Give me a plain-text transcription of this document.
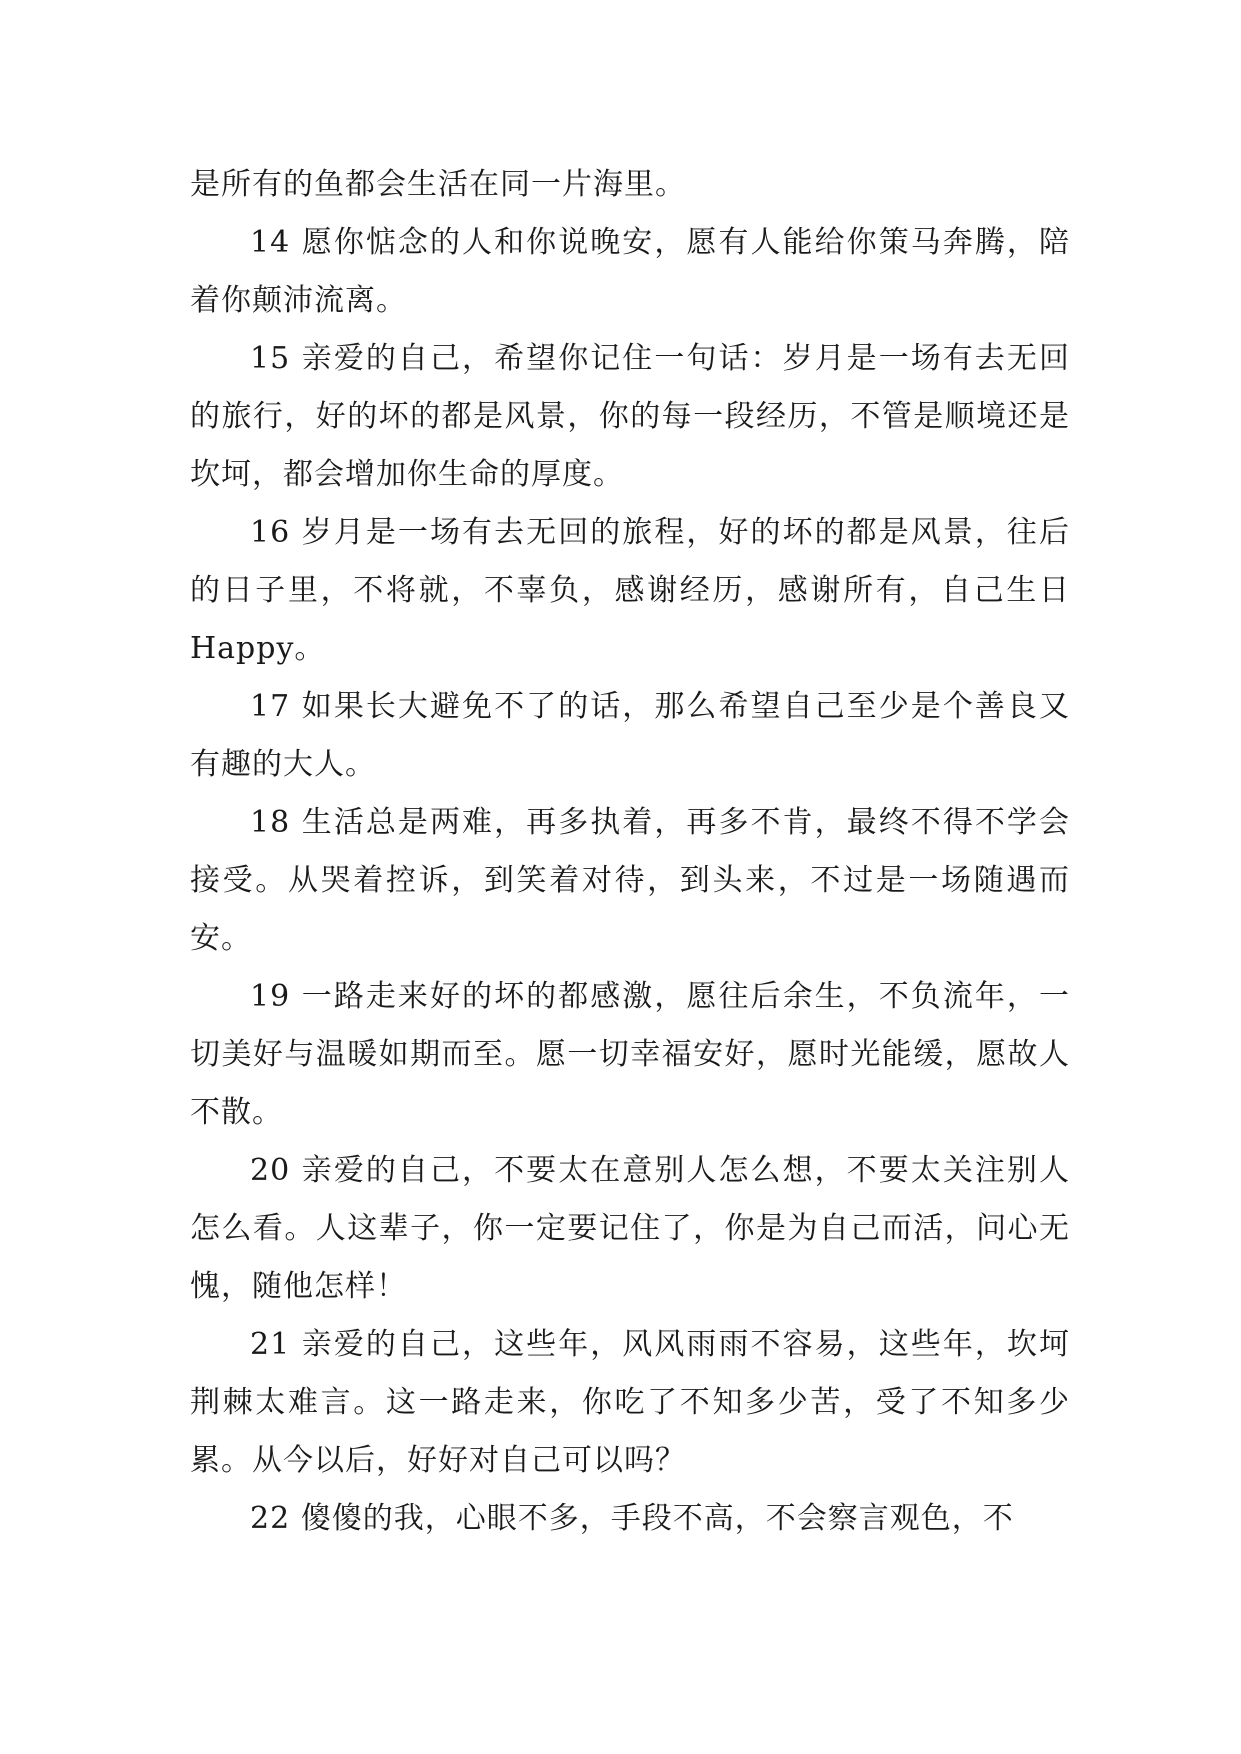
是所有的鱼都会生活在同一片海里。

14 愿你惦念的人和你说晚安，愿有人能给你策马奔腾，陪着你颠沛流离。

15 亲爱的自己，希望你记住一句话：岁月是一场有去无回的旅行，好的坏的都是风景，你的每一段经历，不管是顺境还是坎坷，都会增加你生命的厚度。

16 岁月是一场有去无回的旅程，好的坏的都是风景，往后的日子里，不将就，不辜负，感谢经历，感谢所有，自己生日 Happy。

17 如果长大避免不了的话，那么希望自己至少是个善良又有趣的大人。

18 生活总是两难，再多执着，再多不肯，最终不得不学会接受。从哭着控诉，到笑着对待，到头来，不过是一场随遇而安。

19 一路走来好的坏的都感激，愿往后余生，不负流年，一切美好与温暖如期而至。愿一切幸福安好，愿时光能缓，愿故人不散。

20 亲爱的自己，不要太在意别人怎么想，不要太关注别人怎么看。人这辈子，你一定要记住了，你是为自己而活，问心无愧，随他怎样！

21 亲爱的自己，这些年，风风雨雨不容易，这些年，坎坷荆棘太难言。这一路走来，你吃了不知多少苦，受了不知多少累。从今以后，好好对自己可以吗？

22 傻傻的我，心眼不多，手段不高，不会察言观色，不
